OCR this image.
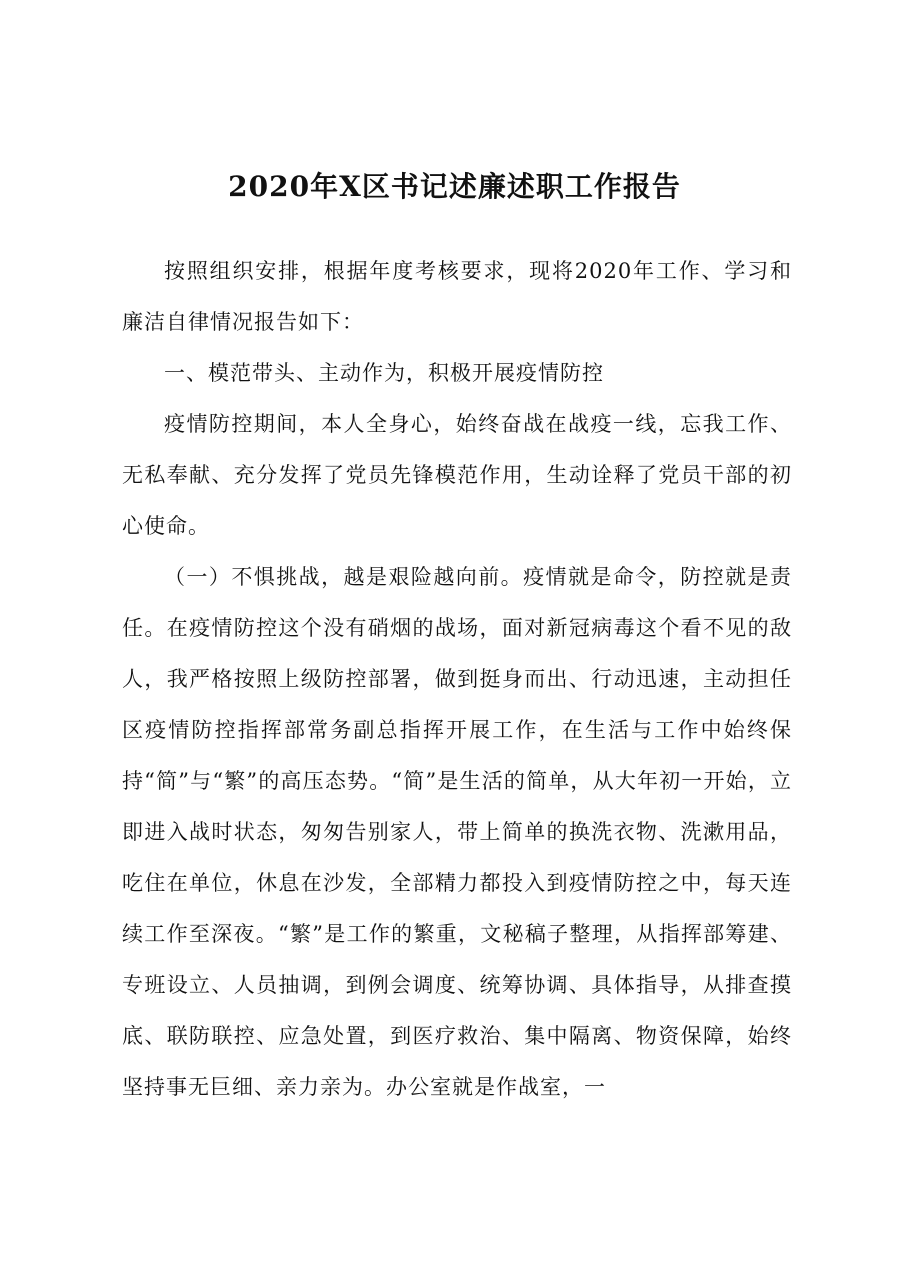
2020年X区书记述廉述职工作报告

按照组织安排，根据年度考核要求，现将2020年工作、学习和廉洁自律情况报告如下：

一、模范带头、主动作为，积极开展疫情防控

疫情防控期间，本人全身心，始终奋战在战疫一线，忘我工作、无私奉献、充分发挥了党员先锋模范作用，生动诠释了党员干部的初心使命。

（一）不惧挑战，越是艰险越向前。疫情就是命令，防控就是责任。在疫情防控这个没有硝烟的战场，面对新冠病毒这个看不见的敌人，我严格按照上级防控部署，做到挺身而出、行动迅速，主动担任区疫情防控指挥部常务副总指挥开展工作，在生活与工作中始终保持“简”与“繁”的高压态势。“简”是生活的简单，从大年初一开始，立即进入战时状态，匆匆告别家人，带上简单的换洗衣物、洗漱用品，吃住在单位，休息在沙发，全部精力都投入到疫情防控之中，每天连续工作至深夜。“繁”是工作的繁重，文秘稿子整理，从指挥部筹建、专班设立、人员抽调，到例会调度、统筹协调、具体指导，从排查摸底、联防联控、应急处置，到医疗救治、集中隔离、物资保障，始终坚持事无巨细、亲力亲为。办公室就是作战室，一
